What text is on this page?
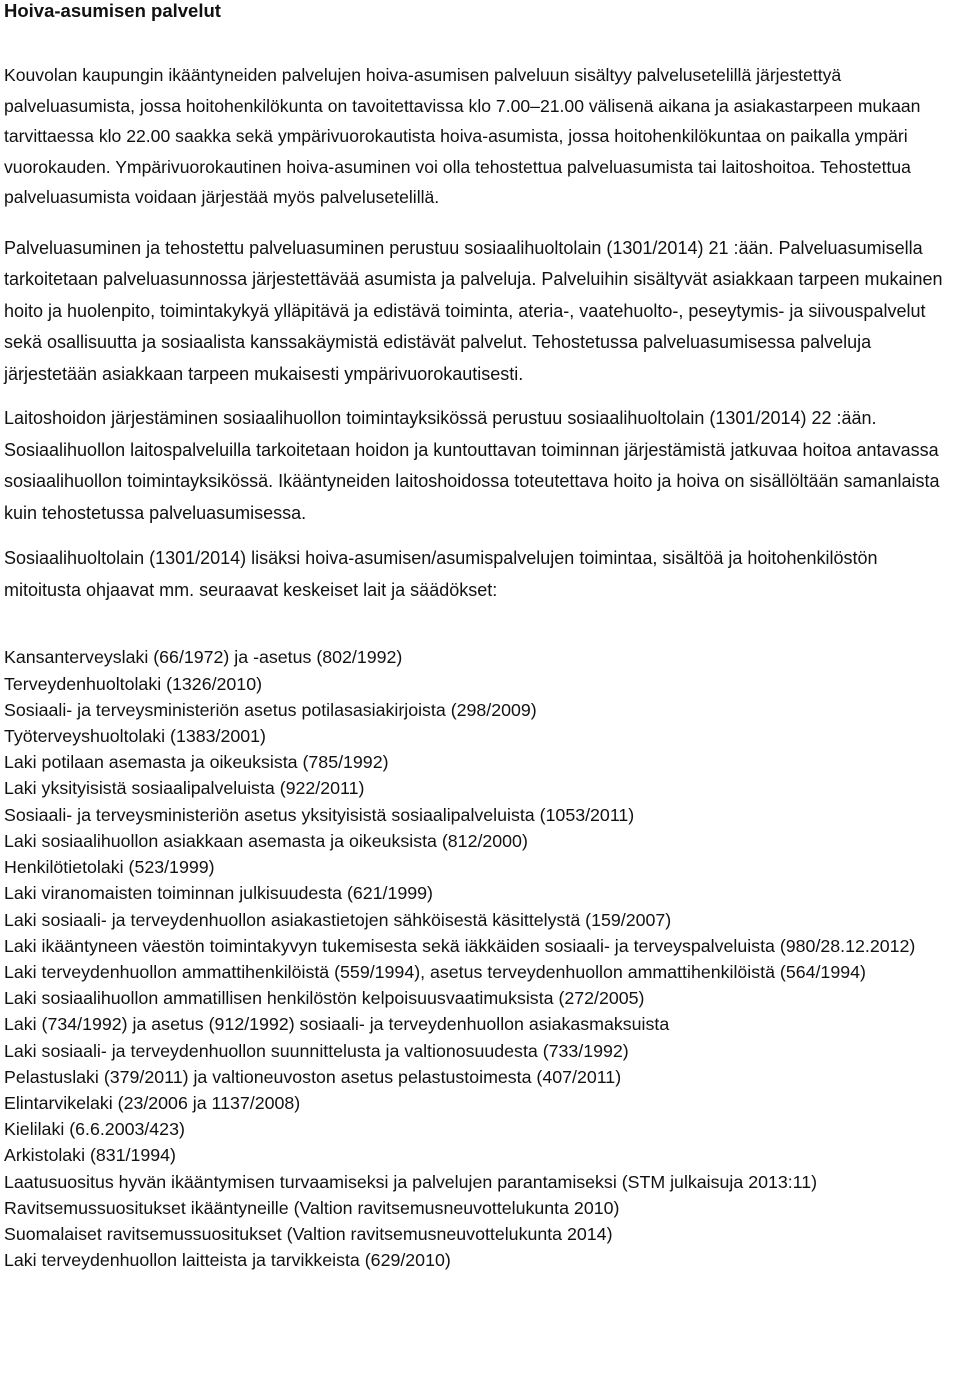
Hoiva-asumisen palvelut

Kouvolan kaupungin ikääntyneiden palvelujen hoiva-asumisen palveluun sisältyy palvelusetelillä järjestettyä palveluasumista, jossa hoitohenkilökunta on tavoitettavissa klo 7.00–21.00 välisenä aikana ja asiakastarpeen mukaan tarvittaessa klo 22.00 saakka sekä ympärivuorokautista hoiva-asumista, jossa hoitohenkilökuntaa on paikalla ympäri vuorokauden. Ympärivuorokautinen hoiva-asuminen voi olla tehostettua palveluasumista tai laitoshoitoa. Tehostettua palveluasumista voidaan järjestää myös palvelusetelillä.

Palveluasuminen ja tehostettu palveluasuminen perustuu sosiaalihuoltolain (1301/2014) 21 :ään. Palveluasumisella tarkoitetaan palveluasunnossa järjestettävää asumista ja palveluja. Palveluihin sisältyvät asiakkaan tarpeen mukainen hoito ja huolenpito, toimintakykyä ylläpitävä ja edistävä toiminta, ateria-, vaatehuolto-, peseytymis- ja siivouspalvelut sekä osallisuutta ja sosiaalista kanssakäymistä edistävät palvelut. Tehostetussa palveluasumisessa palveluja järjestetään asiakkaan tarpeen mukaisesti ympärivuorokautisesti.

Laitoshoidon järjestäminen sosiaalihuollon toimintayksikössä perustuu sosiaalihuoltolain (1301/2014) 22 :ään. Sosiaalihuollon laitospalveluilla tarkoitetaan hoidon ja kuntouttavan toiminnan järjestämistä jatkuvaa hoitoa antavassa sosiaalihuollon toimintayksikössä. Ikääntyneiden laitoshoidossa toteutettava hoito ja hoiva on sisällöltään samanlaista kuin tehostetussa palveluasumisessa.

Sosiaalihuoltolain (1301/2014) lisäksi hoiva-asumisen/asumispalvelujen toimintaa, sisältöä ja hoitohenkilöstön mitoitusta ohjaavat mm. seuraavat keskeiset lait ja säädökset:

Kansanterveyslaki (66/1972) ja -asetus (802/1992)
Terveydenhuoltolaki (1326/2010)
Sosiaali- ja terveysministeriön asetus potilasasiakirjoista (298/2009)
Työterveyshuoltolaki (1383/2001)
Laki potilaan asemasta ja oikeuksista (785/1992)
Laki yksityisistä sosiaalipalveluista (922/2011)
Sosiaali- ja terveysministeriön asetus yksityisistä sosiaalipalveluista (1053/2011)
Laki sosiaalihuollon asiakkaan asemasta ja oikeuksista (812/2000)
Henkilötietolaki (523/1999)
Laki viranomaisten toiminnan julkisuudesta (621/1999)
Laki sosiaali- ja terveydenhuollon asiakastietojen sähköisestä käsittelystä (159/2007)
Laki ikääntyneen väestön toimintakyvyn tukemisesta sekä iäkkäiden sosiaali- ja terveyspalveluista (980/28.12.2012)
Laki terveydenhuollon ammattihenkilöistä (559/1994), asetus terveydenhuollon ammattihenkilöistä (564/1994)
Laki sosiaalihuollon ammatillisen henkilöstön kelpoisuusvaatimuksista (272/2005)
Laki (734/1992) ja asetus (912/1992) sosiaali- ja terveydenhuollon asiakasmaksuista
Laki sosiaali- ja terveydenhuollon suunnittelusta ja valtionosuudesta (733/1992)
Pelastuslaki (379/2011) ja valtioneuvoston asetus pelastustoimesta (407/2011)
Elintarvikelaki (23/2006 ja 1137/2008)
Kielilaki (6.6.2003/423)
Arkistolaki (831/1994)
Laatusuositus hyvän ikääntymisen turvaamiseksi ja palvelujen parantamiseksi (STM julkaisuja 2013:11)
Ravitsemussuositukset ikääntyneille (Valtion ravitsemusneuvottelukunta 2010)
Suomalaiset ravitsemussuositukset (Valtion ravitsemusneuvottelukunta 2014)
Laki terveydenhuollon laitteista ja tarvikkeista (629/2010)
